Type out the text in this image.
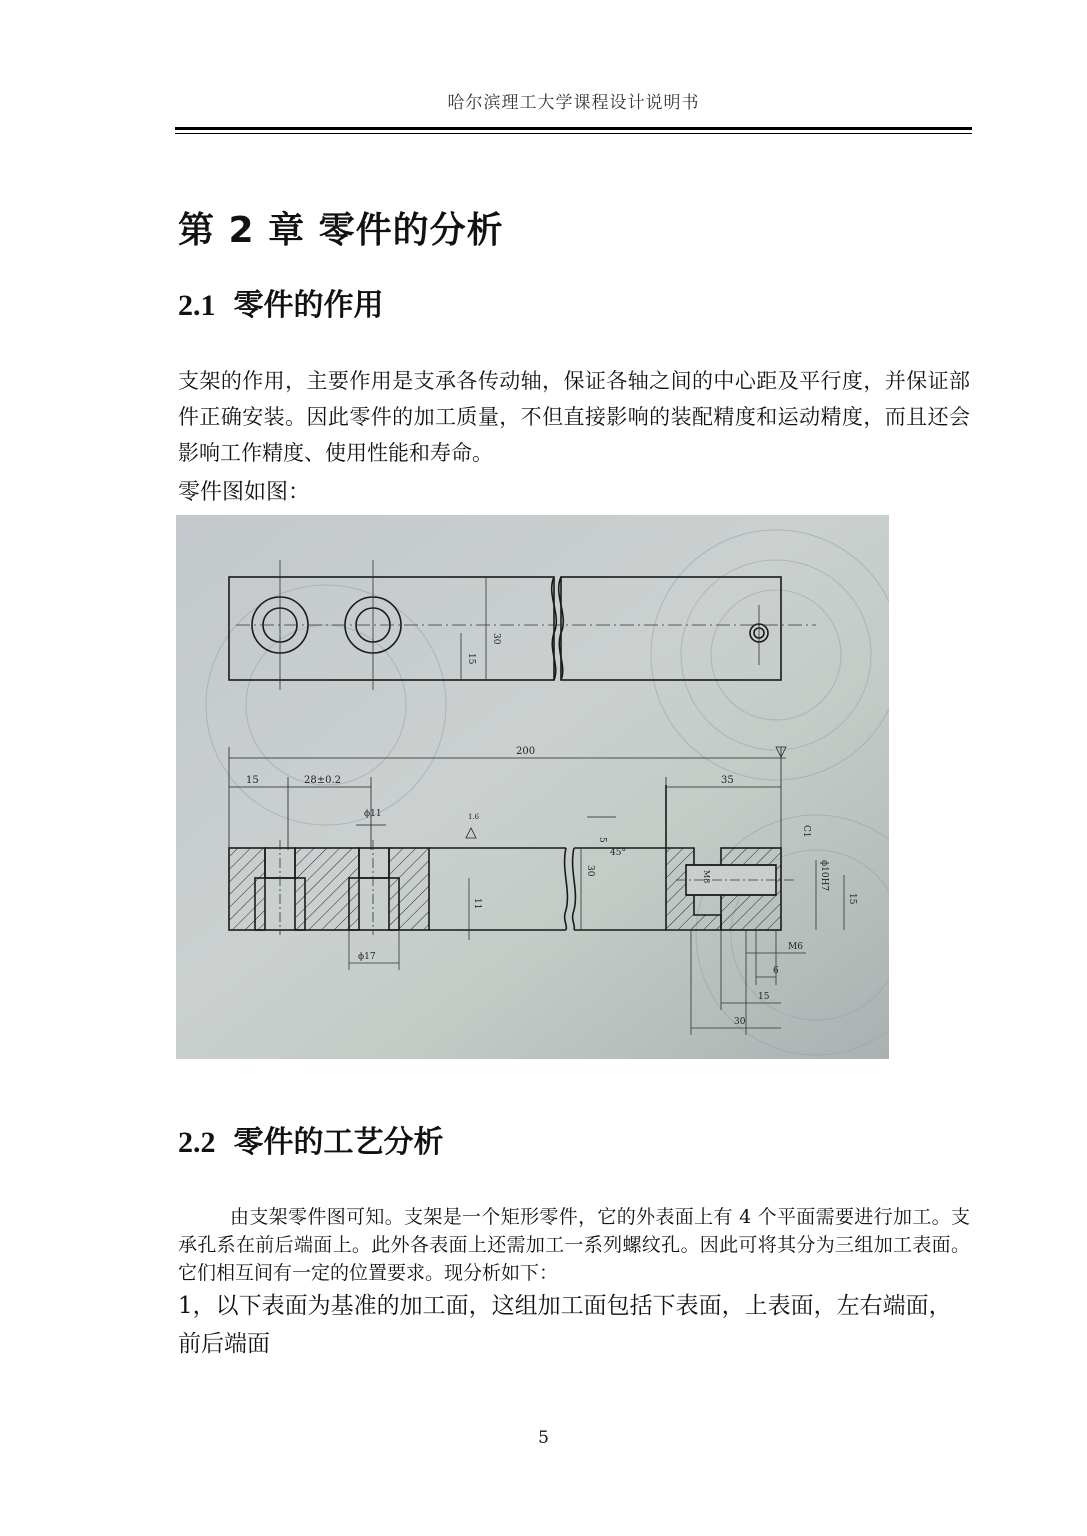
哈尔滨理工大学课程设计说明书
第 2 章 零件的分析
2.1 零件的作用
支架的作用，主要作用是支承各传动轴，保证各轴之间的中心距及平行度，并保证部件正确安装。因此零件的加工质量，不但直接影响的装配精度和运动精度，而且还会影响工作精度、使用性能和寿命。
零件图如图：
30
15
200
15	28±0.2
ϕ11	1.6
35
5
45°
C1
30	M8	ϕ10H7
11	15
ϕ17
M6
6
15
30
2.2 零件的工艺分析
由支架零件图可知。支架是一个矩形零件，它的外表面上有 4 个平面需要进行加工。支承孔系在前后端面上。此外各表面上还需加工一系列螺纹孔。因此可将其分为三组加工表面。它们相互间有一定的位置要求。现分析如下：
1，以下表面为基准的加工面，这组加工面包括下表面，上表面，左右端面，前后端面
5
